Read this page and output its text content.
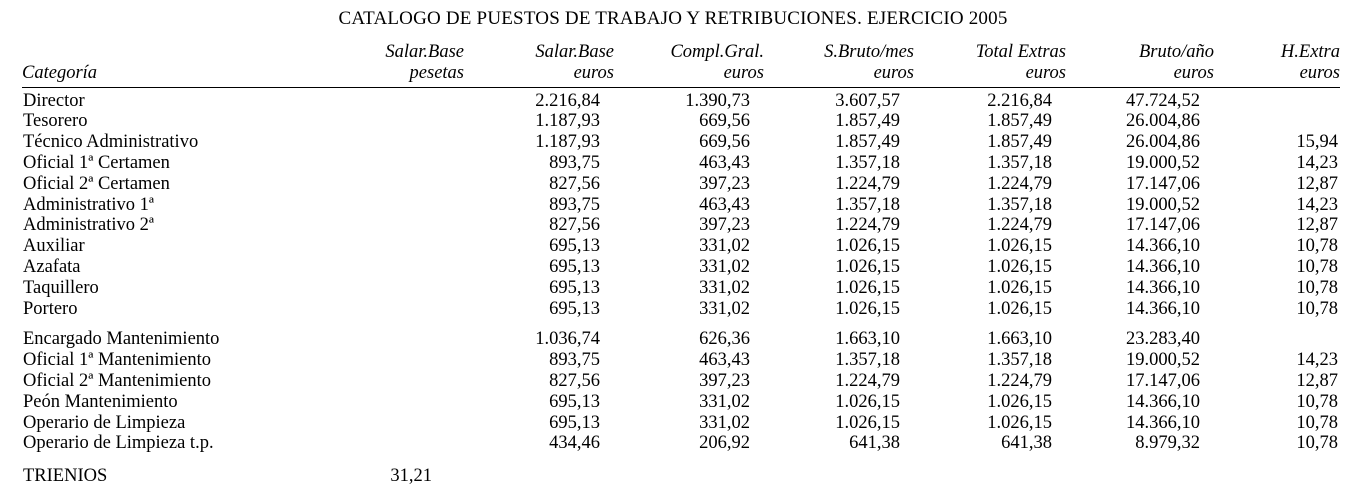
CATALOGO DE PUESTOS DE TRABAJO Y RETRIBUCIONES. EJERCICIO 2005
	Salar.Base	Salar.Base	Compl.Gral.	S.Bruto/mes	Total Extras	Bruto/año	H.Extra
Categoría	pesetas	euros	euros	euros	euros	euros	euros

Director		2.216,84	1.390,73	3.607,57	2.216,84	47.724,52	
Tesorero		1.187,93	669,56	1.857,49	1.857,49	26.004,86	
Técnico Administrativo		1.187,93	669,56	1.857,49	1.857,49	26.004,86	15,94
Oficial 1ª Certamen		893,75	463,43	1.357,18	1.357,18	19.000,52	14,23
Oficial 2ª Certamen		827,56	397,23	1.224,79	1.224,79	17.147,06	12,87
Administrativo 1ª		893,75	463,43	1.357,18	1.357,18	19.000,52	14,23
Administrativo 2ª		827,56	397,23	1.224,79	1.224,79	17.147,06	12,87
Auxiliar		695,13	331,02	1.026,15	1.026,15	14.366,10	10,78
Azafata		695,13	331,02	1.026,15	1.026,15	14.366,10	10,78
Taquillero		695,13	331,02	1.026,15	1.026,15	14.366,10	10,78
Portero		695,13	331,02	1.026,15	1.026,15	14.366,10	10,78

Encargado Mantenimiento		1.036,74	626,36	1.663,10	1.663,10	23.283,40	
Oficial 1ª Mantenimiento		893,75	463,43	1.357,18	1.357,18	19.000,52	14,23
Oficial 2ª Mantenimiento		827,56	397,23	1.224,79	1.224,79	17.147,06	12,87
Peón Mantenimiento		695,13	331,02	1.026,15	1.026,15	14.366,10	10,78
Operario de Limpieza		695,13	331,02	1.026,15	1.026,15	14.366,10	10,78
Operario de Limpieza t.p.		434,46	206,92	641,38	641,38	8.979,32	10,78
TRIENIOS	31,21						
